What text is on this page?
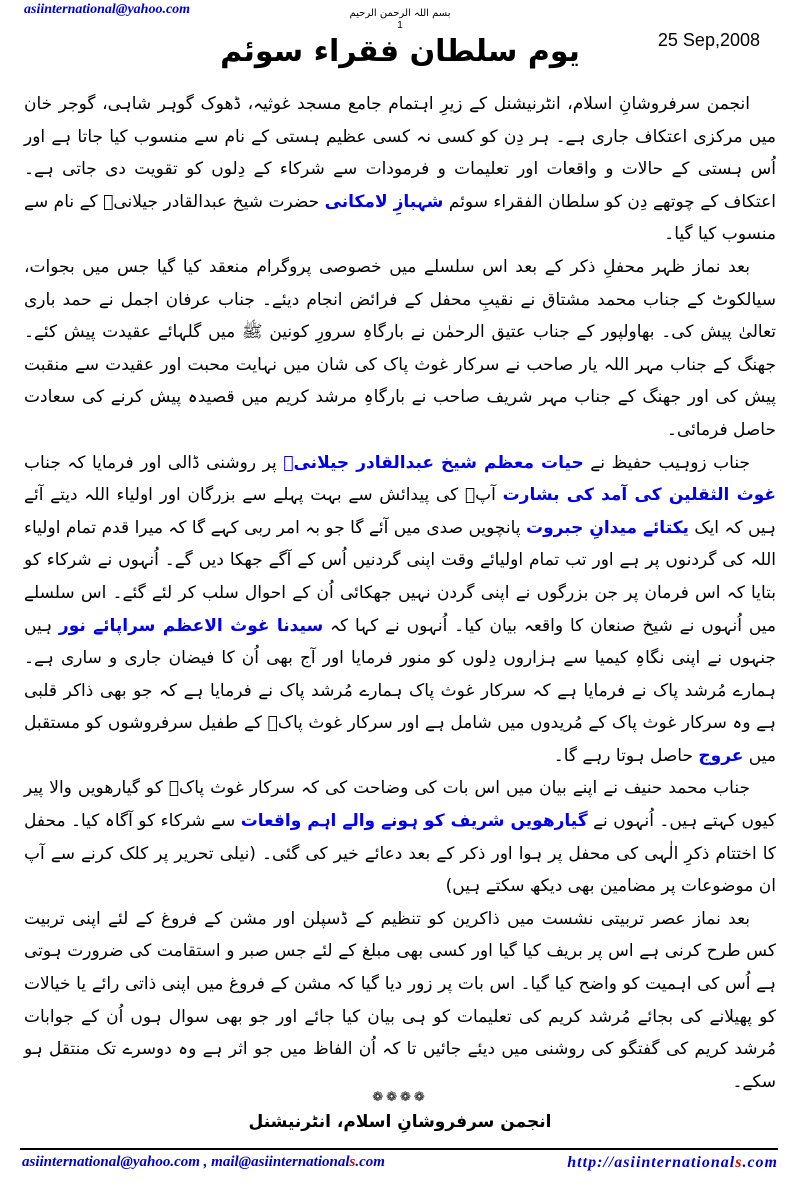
asiinternational@yahoo.com	بسم اللہ الرحمن الرحیم
1
یوم سلطان فقراء سوئم	25 Sep,2008

انجمن سرفروشانِ اسلام، انٹرنیشنل کے زیرِ اہتمام جامع مسجد غوثیہ، ڈھوک گوہر شاہی، گوجر خان میں مرکزی اعتکاف جاری ہے۔ ہر دِن کو کسی نہ کسی عظیم ہستی کے نام سے منسوب کیا جاتا ہے اور اُس ہستی کے حالات و واقعات اور تعلیمات و فرمودات سے شرکاء کے دِلوں کو تقویت دی جاتی ہے۔ اعتکاف کے چوتھے دِن کو سلطان الفقراء سوئم شہبازِ لامکانی حضرت شیخ عبدالقادر جیلانیؒ کے نام سے منسوب کیا گیا۔

بعد نماز ظہر محفلِ ذکر کے بعد اس سلسلے میں خصوصی پروگرام منعقد کیا گیا جس میں بجوات، سیالکوٹ کے جناب محمد مشتاق نے نقیبِ محفل کے فرائض انجام دیئے۔ جناب عرفان اجمل نے حمد باری تعالیٰ پیش کی۔ بھاولپور کے جناب عتیق الرحمٰن نے بارگاہِ سرورِ کونین ﷺ میں گلہائے عقیدت پیش کئے۔ جھنگ کے جناب مہر اللہ یار صاحب نے سرکار غوث پاک کی شان میں نہایت محبت اور عقیدت سے منقبت پیش کی اور جھنگ کے جناب مہر شریف صاحب نے بارگاہِ مرشد کریم میں قصیدہ پیش کرنے کی سعادت حاصل فرمائی۔

جناب زوہیب حفیظ نے حیات معظم شیخ عبدالقادر جیلانیؒ پر روشنی ڈالی اور فرمایا کہ جناب غوث الثقلین کی آمد کی بشارت آپؓ کی پیدائش سے بہت پہلے سے بزرگان اور اولیاء اللہ دیتے آئے ہیں کہ ایک یکتائے میدانِ جبروت پانچویں صدی میں آئے گا جو بہ امر ربی کہے گا کہ میرا قدم تمام اولیاء اللہ کی گردنوں پر ہے اور تب تمام اولیائے وقت اپنی گردنیں اُس کے آگے جھکا دیں گے۔ اُنہوں نے شرکاء کو بتایا کہ اس فرمان پر جن بزرگوں نے اپنی گردن نہیں جھکائی اُن کے احوال سلب کر لئے گئے۔ اس سلسلے میں اُنہوں نے شیخ صنعان کا واقعہ بیان کیا۔ اُنہوں نے کہا کہ سیدنا غوث الاعظم سراپائے نور ہیں جنہوں نے اپنی نگاہِ کیمیا سے ہزاروں دِلوں کو منور فرمایا اور آج بھی اُن کا فیضان جاری و ساری ہے۔ ہمارے مُرشد پاک نے فرمایا ہے کہ سرکار غوث پاک ہمارے مُرشد پاک نے فرمایا ہے کہ جو بھی ذاکر قلبی ہے وہ سرکار غوث پاک کے مُریدوں میں شامل ہے اور سرکار غوث پاکؓ کے طفیل سرفروشوں کو مستقبل میں عروج حاصل ہوتا رہے گا۔

جناب محمد حنیف نے اپنے بیان میں اس بات کی وضاحت کی کہ سرکار غوث پاکؓ کو گیارھویں والا پیر کیوں کہتے ہیں۔ اُنہوں نے گیارھویں شریف کو ہونے والے اہم واقعات سے شرکاء کو آگاہ کیا۔ محفل کا اختتام ذکرِ الٰہی کی محفل پر ہوا اور ذکر کے بعد دعائے خیر کی گئی۔ (نیلی تحریر پر کلک کرنے سے آپ ان موضوعات پر مضامین بھی دیکھ سکتے ہیں)

بعد نماز عصر تربیتی نشست میں ذاکرین کو تنظیم کے ڈسپلن اور مشن کے فروغ کے لئے اپنی تربیت کس طرح کرنی ہے اس پر بریف کیا گیا اور کسی بھی مبلغ کے لئے جس صبر و استقامت کی ضرورت ہوتی ہے اُس کی اہمیت کو واضح کیا گیا۔ اس بات پر زور دیا گیا کہ مشن کے فروغ میں اپنی ذاتی رائے یا خیالات کو پھیلانے کی بجائے مُرشد کریم کی تعلیمات کو ہی بیان کیا جائے اور جو بھی سوال ہوں اُن کے جوابات مُرشد کریم کی گفتگو کی روشنی میں دیئے جائیں تا کہ اُن الفاظ میں جو اثر ہے وہ دوسرے تک منتقل ہو سکے۔

❁❁❁❁
انجمن سرفروشانِ اسلام، انٹرنیشنل
asiinternational@yahoo.com , mail@asiinternationals.com	http://asiinternationals.com
